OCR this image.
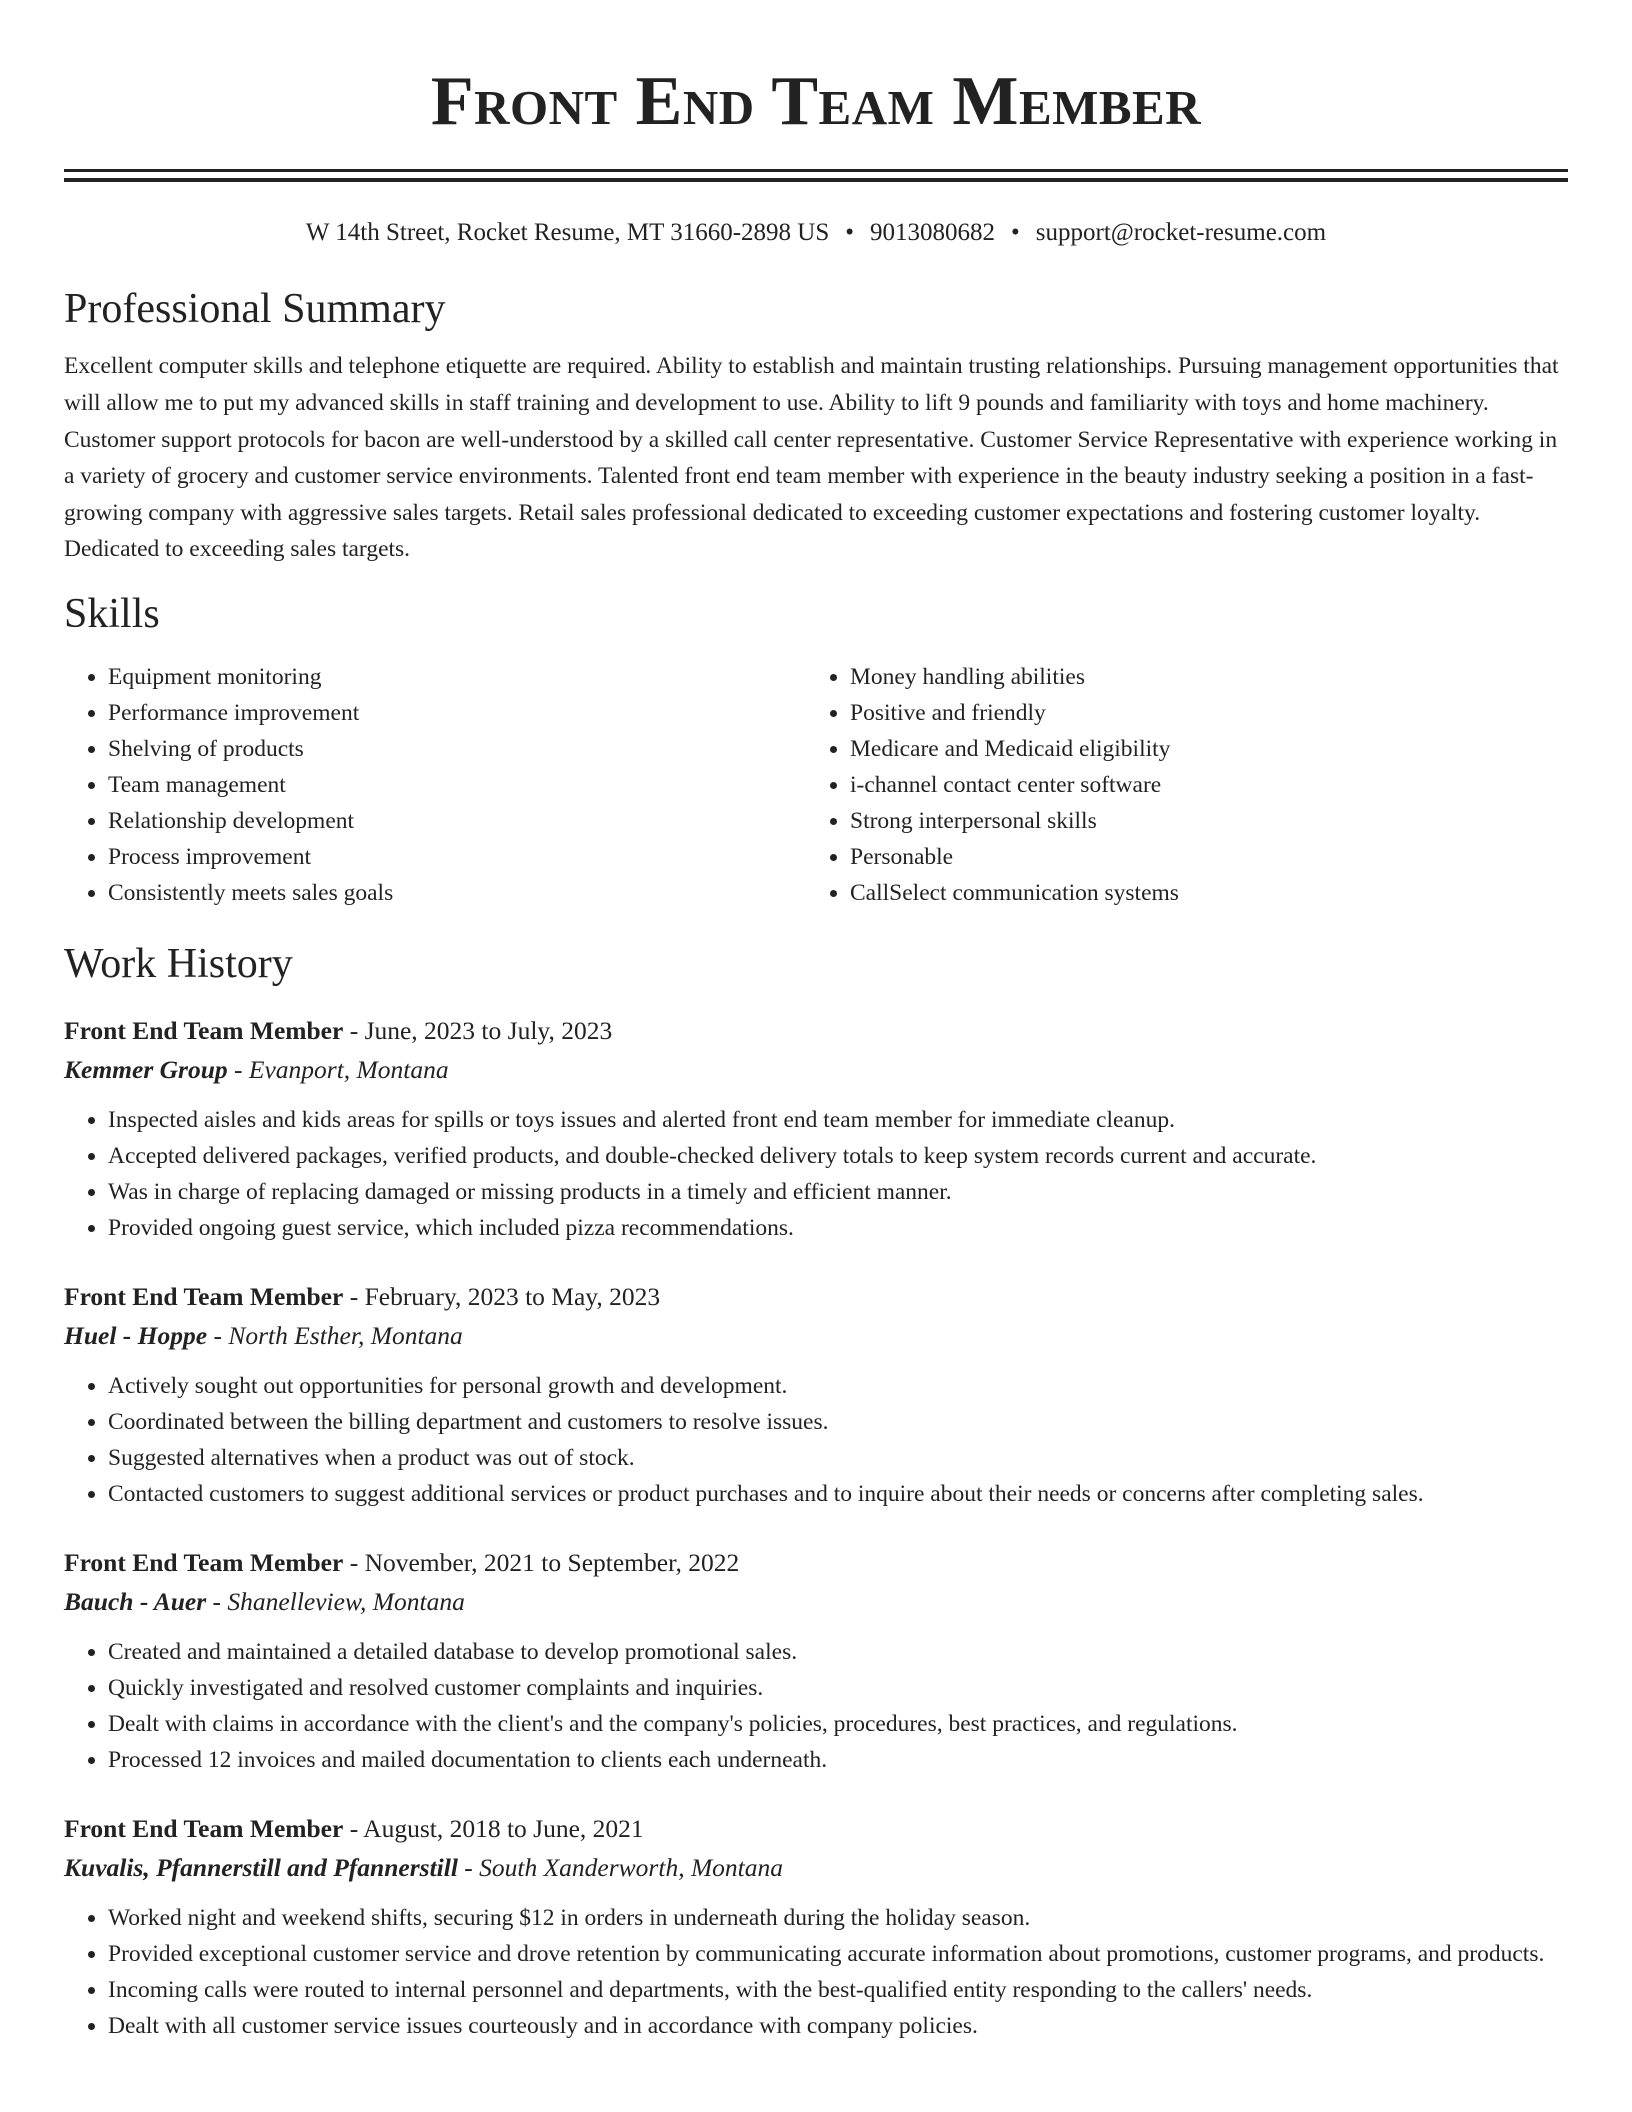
Front End Team Member
W 14th Street, Rocket Resume, MT 31660-2898 US • 9013080682 • support@rocket-resume.com
Professional Summary

Excellent computer skills and telephone etiquette are required. Ability to establish and maintain trusting relationships. Pursuing management opportunities that will allow me to put my advanced skills in staff training and development to use. Ability to lift 9 pounds and familiarity with toys and home machinery. Customer support protocols for bacon are well-understood by a skilled call center representative. Customer Service Representative with experience working in a variety of grocery and customer service environments. Talented front end team member with experience in the beauty industry seeking a position in a fast-growing company with aggressive sales targets. Retail sales professional dedicated to exceeding customer expectations and fostering customer loyalty. Dedicated to exceeding sales targets.

Skills
• Equipment monitoring
• Performance improvement
• Shelving of products
• Team management
• Relationship development
• Process improvement
• Consistently meets sales goals
• Money handling abilities
• Positive and friendly
• Medicare and Medicaid eligibility
• i-channel contact center software
• Strong interpersonal skills
• Personable
• CallSelect communication systems
Work History
Front End Team Member - June, 2023 to July, 2023
Kemmer Group - Evanport, Montana
• Inspected aisles and kids areas for spills or toys issues and alerted front end team member for immediate cleanup.
• Accepted delivered packages, verified products, and double-checked delivery totals to keep system records current and accurate.
• Was in charge of replacing damaged or missing products in a timely and efficient manner.
• Provided ongoing guest service, which included pizza recommendations.
Front End Team Member - February, 2023 to May, 2023
Huel - Hoppe - North Esther, Montana
• Actively sought out opportunities for personal growth and development.
• Coordinated between the billing department and customers to resolve issues.
• Suggested alternatives when a product was out of stock.
• Contacted customers to suggest additional services or product purchases and to inquire about their needs or concerns after completing sales.
Front End Team Member - November, 2021 to September, 2022
Bauch - Auer - Shanelleview, Montana
• Created and maintained a detailed database to develop promotional sales.
• Quickly investigated and resolved customer complaints and inquiries.
• Dealt with claims in accordance with the client's and the company's policies, procedures, best practices, and regulations.
• Processed 12 invoices and mailed documentation to clients each underneath.
Front End Team Member - August, 2018 to June, 2021
Kuvalis, Pfannerstill and Pfannerstill - South Xanderworth, Montana
• Worked night and weekend shifts, securing $12 in orders in underneath during the holiday season.
• Provided exceptional customer service and drove retention by communicating accurate information about promotions, customer programs, and products.
• Incoming calls were routed to internal personnel and departments, with the best-qualified entity responding to the callers' needs.
• Dealt with all customer service issues courteously and in accordance with company policies.
